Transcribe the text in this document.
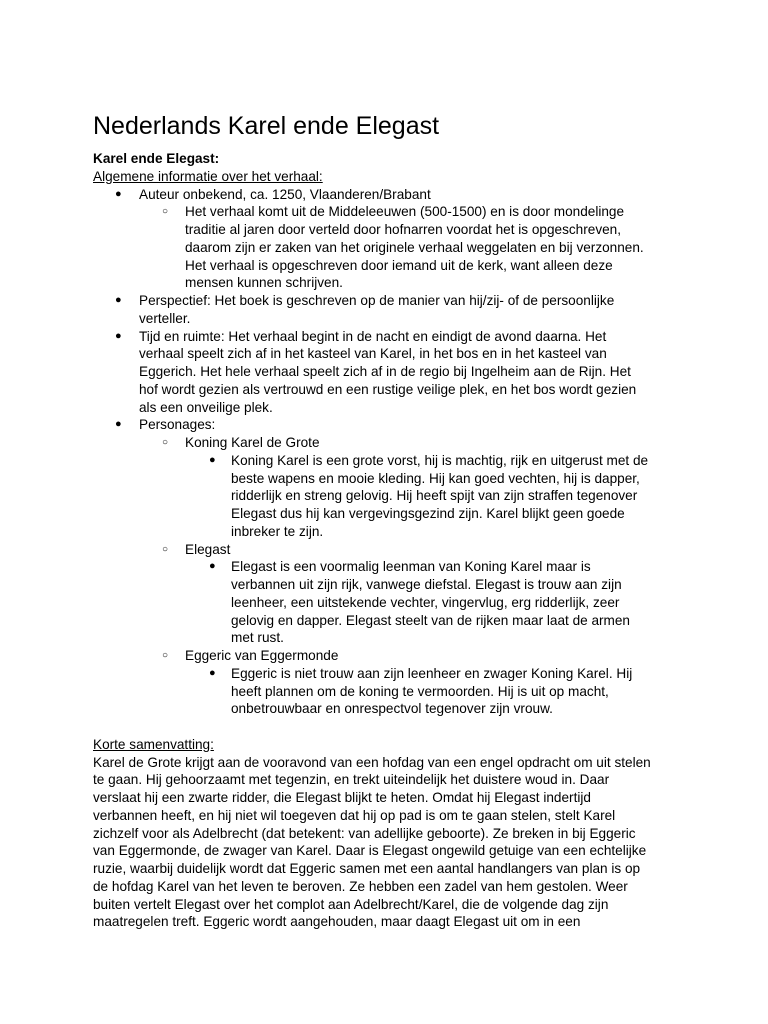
Nederlands Karel ende Elegast
Karel ende Elegast:
Algemene informatie over het verhaal:
● Auteur onbekend, ca. 1250, Vlaanderen/Brabant
○ Het verhaal komt uit de Middeleeuwen (500-1500) en is door mondelinge
traditie al jaren door verteld door hofnarren voordat het is opgeschreven,
daarom zijn er zaken van het originele verhaal weggelaten en bij verzonnen.
Het verhaal is opgeschreven door iemand uit de kerk, want alleen deze
mensen kunnen schrijven.
● Perspectief: Het boek is geschreven op de manier van hij/zij- of de persoonlijke
verteller.
● Tijd en ruimte: Het verhaal begint in de nacht en eindigt de avond daarna. Het
verhaal speelt zich af in het kasteel van Karel, in het bos en in het kasteel van
Eggerich. Het hele verhaal speelt zich af in de regio bij Ingelheim aan de Rijn. Het
hof wordt gezien als vertrouwd en een rustige veilige plek, en het bos wordt gezien
als een onveilige plek.
● Personages:
○ Koning Karel de Grote
● Koning Karel is een grote vorst, hij is machtig, rijk en uitgerust met de
beste wapens en mooie kleding. Hij kan goed vechten, hij is dapper,
ridderlijk en streng gelovig. Hij heeft spijt van zijn straffen tegenover
Elegast dus hij kan vergevingsgezind zijn. Karel blijkt geen goede
inbreker te zijn.
○ Elegast
● Elegast is een voormalig leenman van Koning Karel maar is
verbannen uit zijn rijk, vanwege diefstal. Elegast is trouw aan zijn
leenheer, een uitstekende vechter, vingervlug, erg ridderlijk, zeer
gelovig en dapper. Elegast steelt van de rijken maar laat de armen
met rust.
○ Eggeric van Eggermonde
● Eggeric is niet trouw aan zijn leenheer en zwager Koning Karel. Hij
heeft plannen om de koning te vermoorden. Hij is uit op macht,
onbetrouwbaar en onrespectvol tegenover zijn vrouw.
Korte samenvatting:
Karel de Grote krijgt aan de vooravond van een hofdag van een engel opdracht om uit stelen
te gaan. Hij gehoorzaamt met tegenzin, en trekt uiteindelijk het duistere woud in. Daar
verslaat hij een zwarte ridder, die Elegast blijkt te heten. Omdat hij Elegast indertijd
verbannen heeft, en hij niet wil toegeven dat hij op pad is om te gaan stelen, stelt Karel
zichzelf voor als Adelbrecht (dat betekent: van adellijke geboorte). Ze breken in bij Eggeric
van Eggermonde, de zwager van Karel. Daar is Elegast ongewild getuige van een echtelijke
ruzie, waarbij duidelijk wordt dat Eggeric samen met een aantal handlangers van plan is op
de hofdag Karel van het leven te beroven. Ze hebben een zadel van hem gestolen. Weer
buiten vertelt Elegast over het complot aan Adelbrecht/Karel, die de volgende dag zijn
maatregelen treft. Eggeric wordt aangehouden, maar daagt Elegast uit om in een
